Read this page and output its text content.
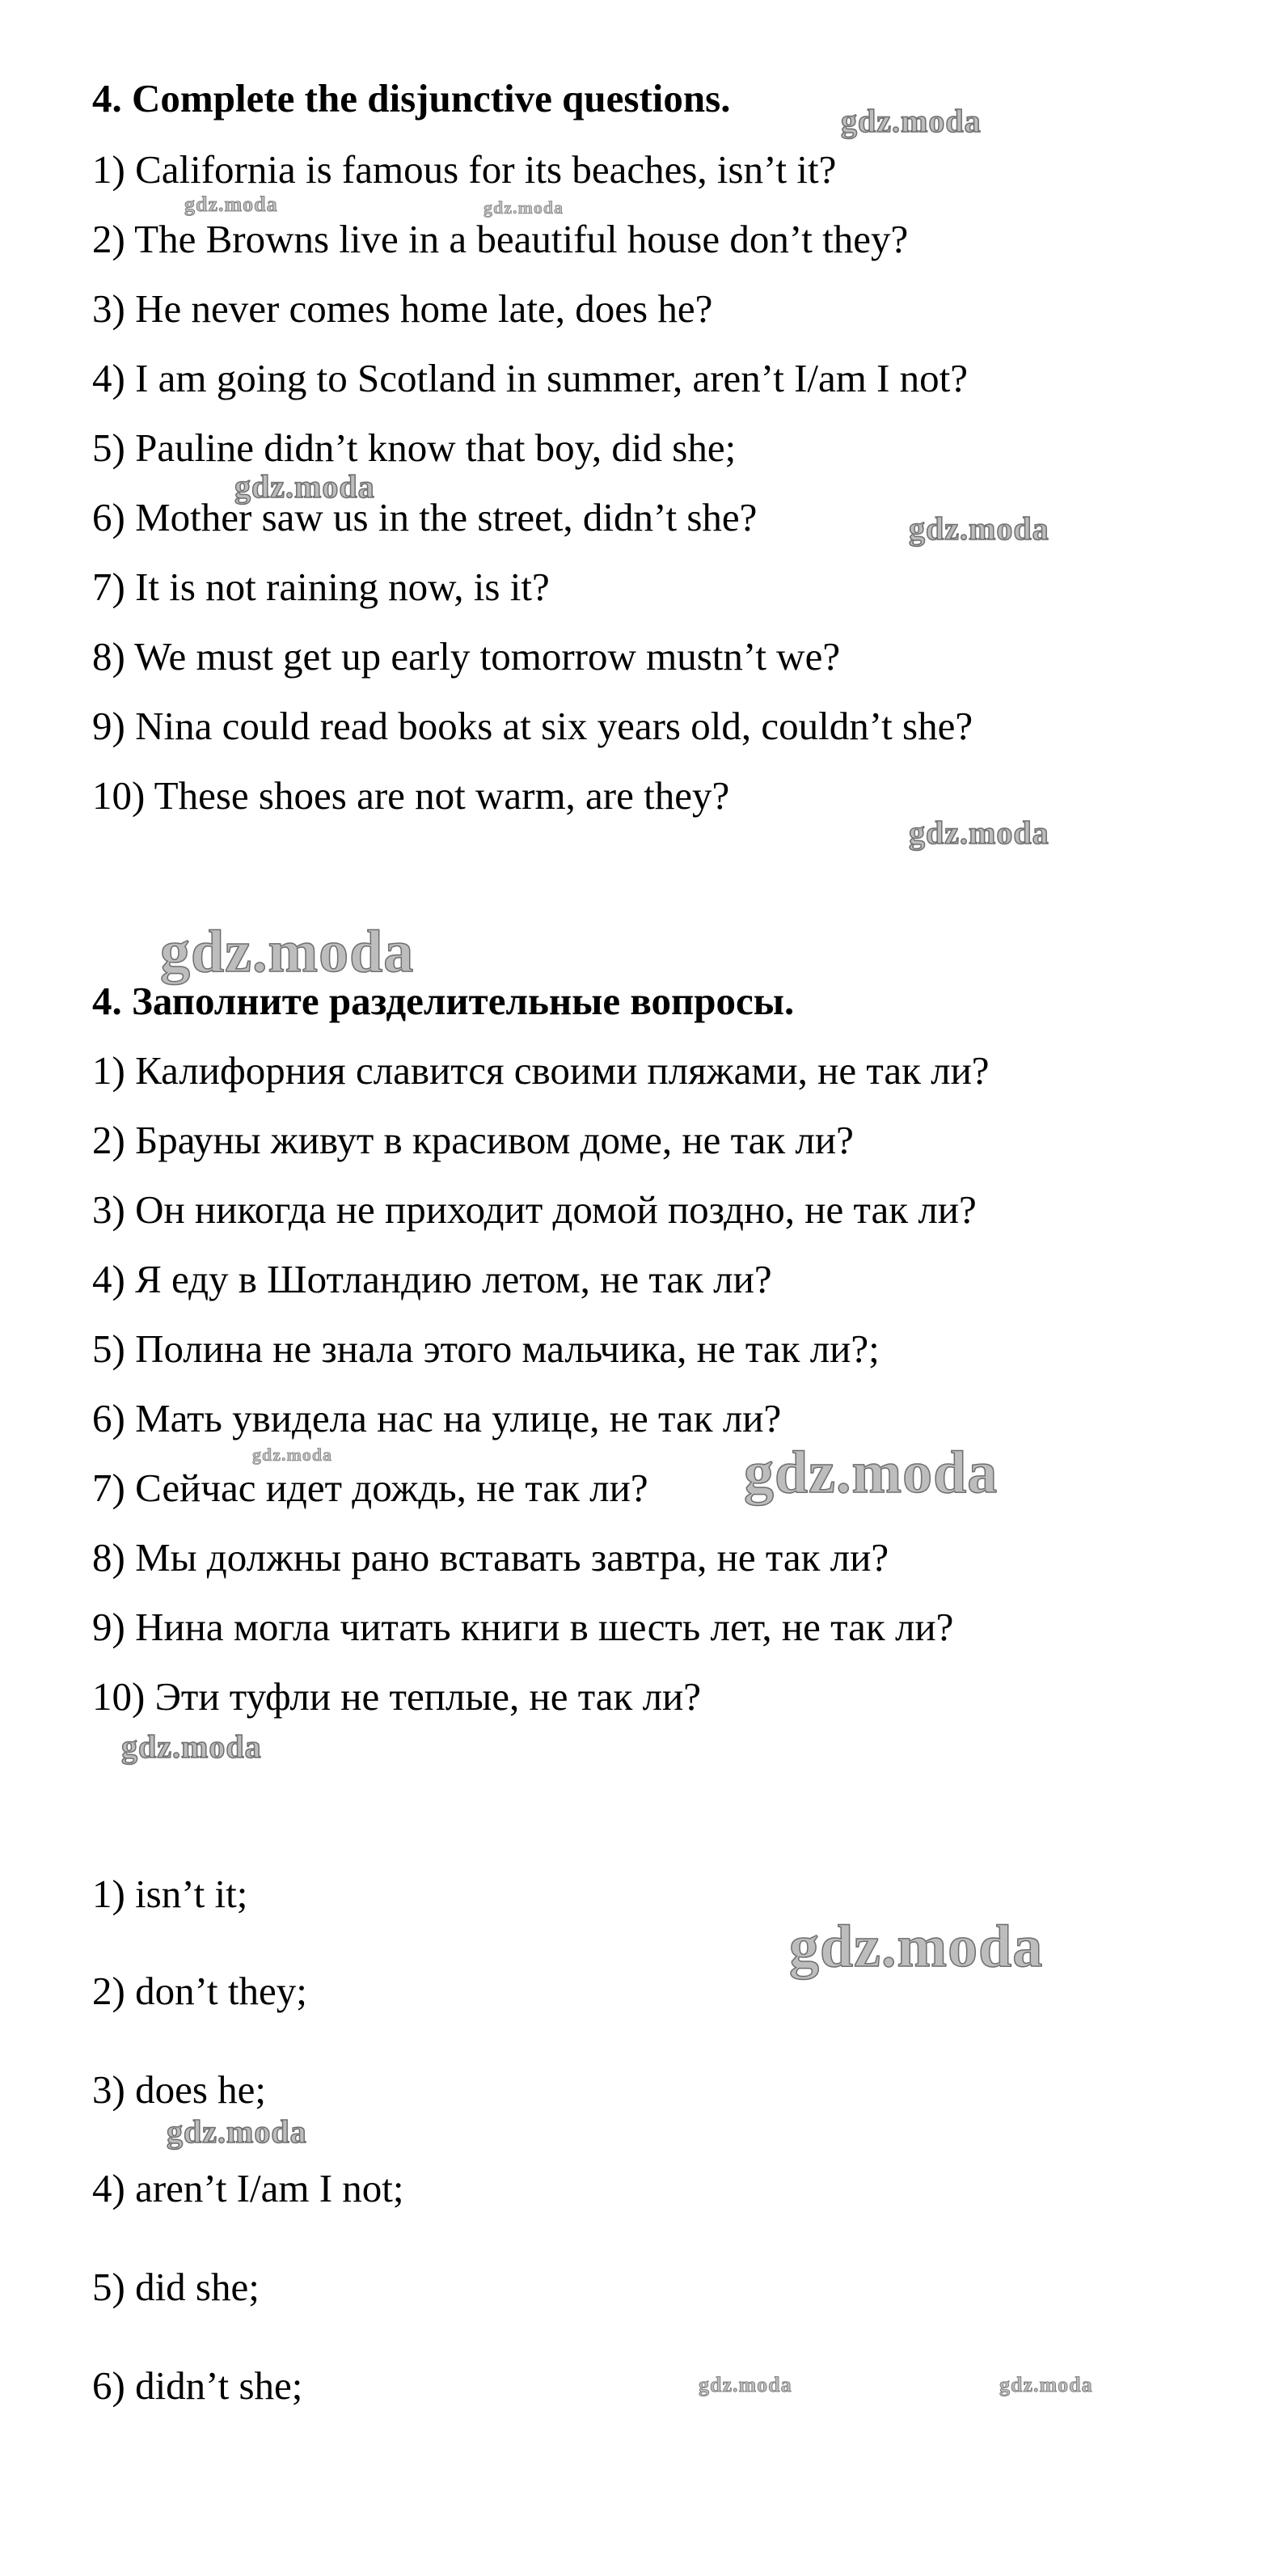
4. Complete the disjunctive questions.
1) California is famous for its beaches, isn’t it?
2) The Browns live in a beautiful house don’t they?
3) He never comes home late, does he?
4) I am going to Scotland in summer, aren’t I/am I not?
5) Pauline didn’t know that boy, did she;
6) Mother saw us in the street, didn’t she?
7) It is not raining now, is it?
8) We must get up early tomorrow mustn’t we?
9) Nina could read books at six years old, couldn’t she?
10) These shoes are not warm, are they?
4. Заполните разделительные вопросы.
1) Калифорния славится своими пляжами, не так ли?
2) Брауны живут в красивом доме, не так ли?
3) Он никогда не приходит домой поздно, не так ли?
4) Я еду в Шотландию летом, не так ли?
5) Полина не знала этого мальчика, не так ли?;
6) Мать увидела нас на улице, не так ли?
7) Сейчас идет дождь, не так ли?
8) Мы должны рано вставать завтра, не так ли?
9) Нина могла читать книги в шесть лет, не так ли?
10) Эти туфли не теплые, не так ли?
1) isn’t it;
2) don’t they;
3) does he;
4) aren’t I/am I not;
5) did she;
6) didn’t she;
gdz.moda
gdz.moda	gdz.moda
gdz.moda
gdz.moda
gdz.moda
gdz.moda
gdz.moda	gdz.moda
gdz.moda
gdz.moda
gdz.moda
gdz.moda	gdz.moda
